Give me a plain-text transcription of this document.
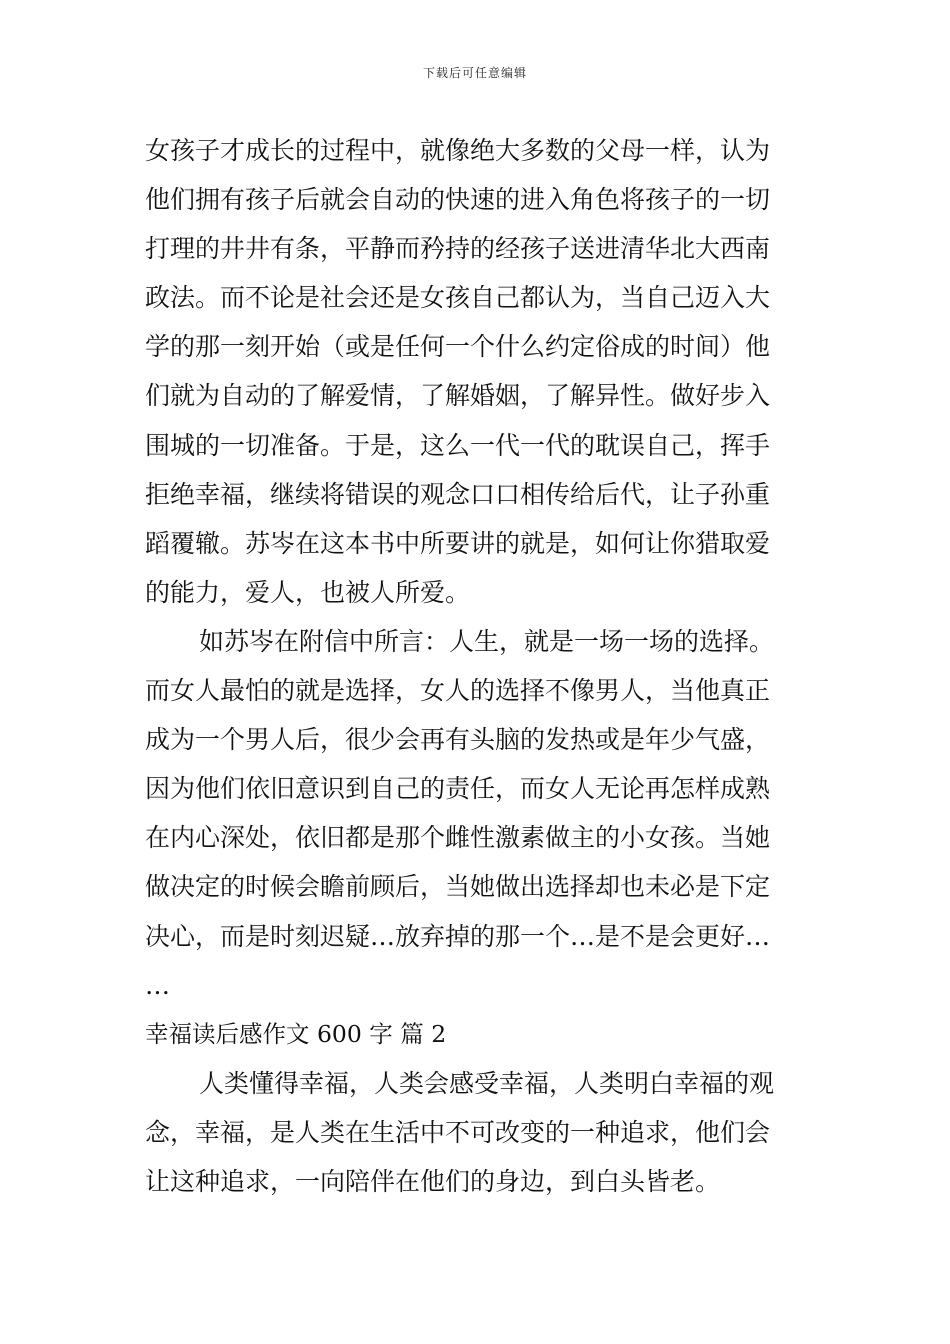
下载后可任意编辑
女孩子才成长的过程中，就像绝大多数的父母一样，认为
他们拥有孩子后就会自动的快速的进入角色将孩子的一切
打理的井井有条，平静而矜持的经孩子送进清华北大西南
政法。而不论是社会还是女孩自己都认为，当自己迈入大
学的那一刻开始（或是任何一个什么约定俗成的时间）他
们就为自动的了解爱情，了解婚姻，了解异性。做好步入
围城的一切准备。于是，这么一代一代的耽误自己，挥手
拒绝幸福，继续将错误的观念口口相传给后代，让子孙重
蹈覆辙。苏岑在这本书中所要讲的就是，如何让你猎取爱
的能力，爱人，也被人所爱。
如苏岑在附信中所言：人生，就是一场一场的选择。
而女人最怕的就是选择，女人的选择不像男人，当他真正
成为一个男人后，很少会再有头脑的发热或是年少气盛，
因为他们依旧意识到自己的责任，而女人无论再怎样成熟
在内心深处，依旧都是那个雌性激素做主的小女孩。当她
做决定的时候会瞻前顾后，当她做出选择却也未必是下定
决心，而是时刻迟疑…放弃掉的那一个…是不是会更好…
…
幸福读后感作文 600 字 篇 2
人类懂得幸福，人类会感受幸福，人类明白幸福的观
念，幸福，是人类在生活中不可改变的一种追求，他们会
让这种追求，一向陪伴在他们的身边，到白头皆老。
